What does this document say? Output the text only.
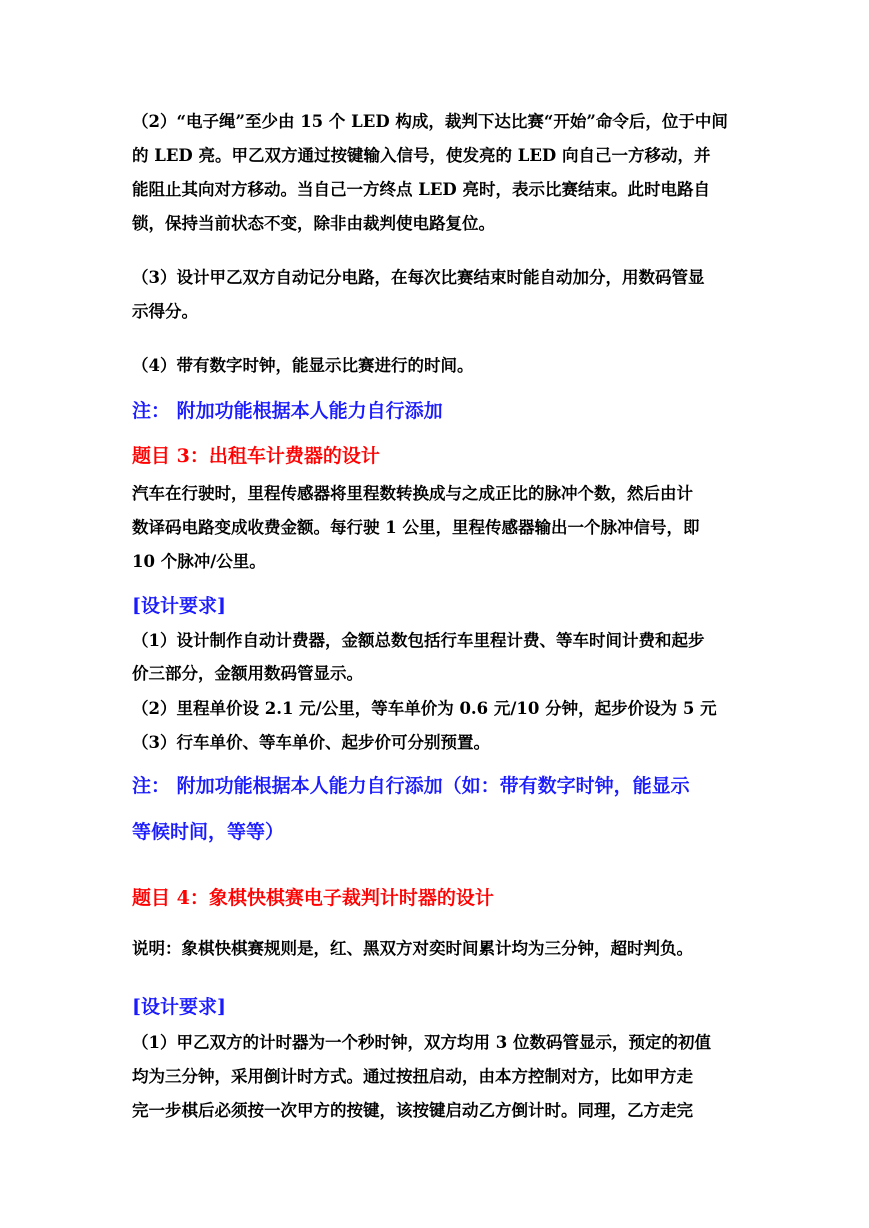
（2）“电子绳”至少由 15 个 LED 构成，裁判下达比赛“开始”命令后，位于中间
的 LED 亮。甲乙双方通过按键输入信号，使发亮的 LED 向自己一方移动，并
能阻止其向对方移动。当自己一方终点 LED 亮时，表示比赛结束。此时电路自
锁，保持当前状态不变，除非由裁判使电路复位。
（3）设计甲乙双方自动记分电路，在每次比赛结束时能自动加分，用数码管显
示得分。
（4）带有数字时钟，能显示比赛进行的时间。
注： 附加功能根据本人能力自行添加
题目 3：出租车计费器的设计
汽车在行驶时，里程传感器将里程数转换成与之成正比的脉冲个数，然后由计
数译码电路变成收费金额。每行驶 1 公里，里程传感器输出一个脉冲信号，即
10 个脉冲/公里。
[设计要求]
（1）设计制作自动计费器，金额总数包括行车里程计费、等车时间计费和起步
价三部分，金额用数码管显示。
（2）里程单价设 2.1 元/公里，等车单价为 0.6 元/10 分钟，起步价设为 5 元
（3）行车单价、等车单价、起步价可分别预置。
注： 附加功能根据本人能力自行添加（如：带有数字时钟，能显示
等候时间，等等）
题目 4：象棋快棋赛电子裁判计时器的设计
说明：象棋快棋赛规则是，红、黑双方对奕时间累计均为三分钟，超时判负。
[设计要求]
（1）甲乙双方的计时器为一个秒时钟，双方均用 3 位数码管显示，预定的初值
均为三分钟，采用倒计时方式。通过按扭启动，由本方控制对方，比如甲方走
完一步棋后必须按一次甲方的按键，该按键启动乙方倒计时。同理，乙方走完
